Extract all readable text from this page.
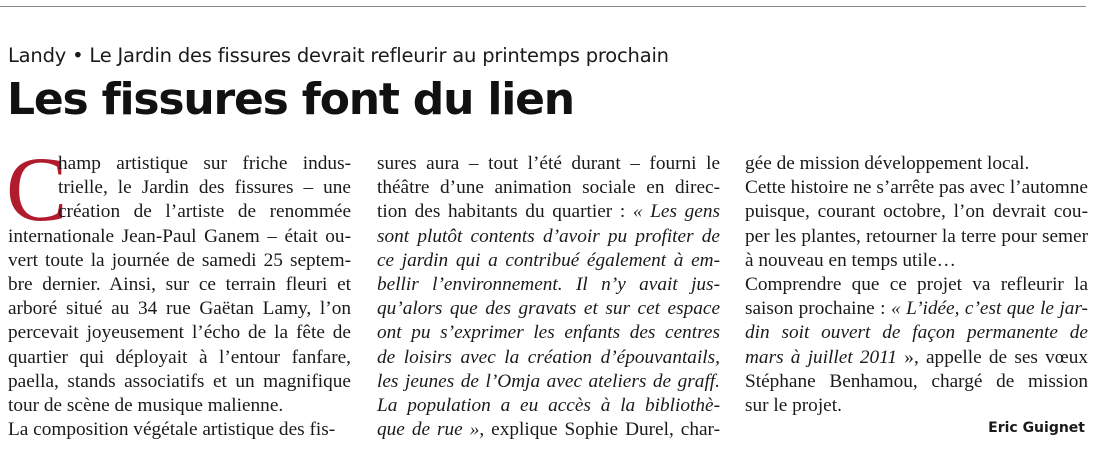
Landy • Le Jardin des fissures devrait refleurir au printemps prochain
Les fissures font du lien
C
hamp artistique sur friche indus-
trielle, le Jardin des fissures – une
création de l’artiste de renommée
internationale Jean-Paul Ganem – était ou-
vert toute la journée de samedi 25 septem-
bre dernier. Ainsi, sur ce terrain fleuri et
arboré situé au 34 rue Gaëtan Lamy, l’on
percevait joyeusement l’écho de la fête de
quartier qui déployait à l’entour fanfare,
paella, stands associatifs et un magnifique
tour de scène de musique malienne.
La composition végétale artistique des fis-
sures aura – tout l’été durant – fourni le
théâtre d’une animation sociale en direc-
tion des habitants du quartier : « Les gens
sont plutôt contents d’avoir pu profiter de
ce jardin qui a contribué également à em-
bellir l’environnement. Il n’y avait jus-
qu’alors que des gravats et sur cet espace
ont pu s’exprimer les enfants des centres
de loisirs avec la création d’épouvantails,
les jeunes de l’Omja avec ateliers de graff.
La population a eu accès à la bibliothè-
que de rue », explique Sophie Durel, char-
gée de mission développement local.
Cette histoire ne s’arrête pas avec l’automne
puisque, courant octobre, l’on devrait cou-
per les plantes, retourner la terre pour semer
à nouveau en temps utile…
Comprendre que ce projet va refleurir la
saison prochaine : « L’idée, c’est que le jar-
din soit ouvert de façon permanente de
mars à juillet 2011 », appelle de ses vœux
Stéphane Benhamou, chargé de mission
sur le projet.
Eric Guignet
